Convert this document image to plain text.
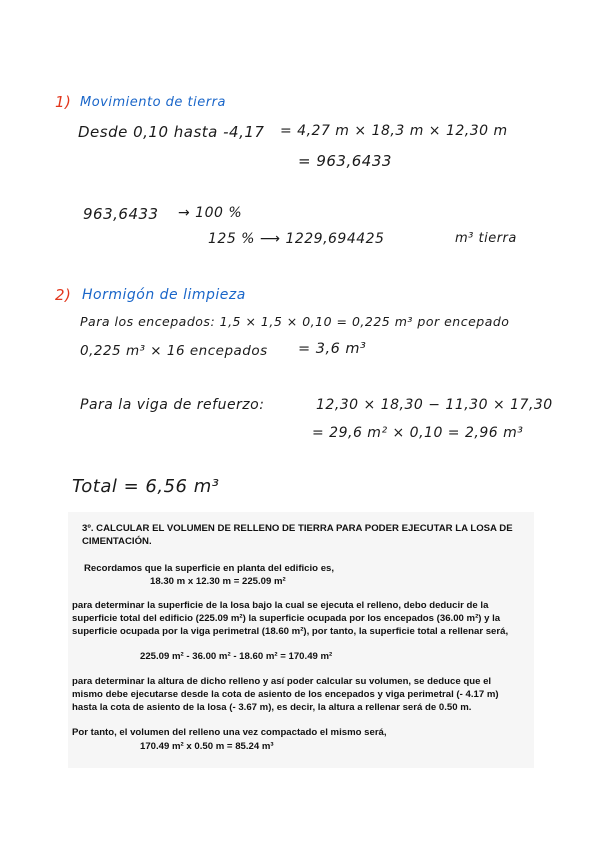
1) Movimiento de tierra
Desde 0,10 hasta -4,17 = 4,27 m × 18,3 m × 12,30 m
= 963,6433
963,6433 → 100 %
125 % ⟶ 1229,694425	m³ tierra
2) Hormigón de limpieza
Para los encepados: 1,5 × 1,5 × 0,10 = 0,225 m³ por encepado
0,225 m³ × 16 encepados = 3,6 m³
Para la viga de refuerzo:	12,30 × 18,30 − 11,30 × 17,30
= 29,6 m² × 0,10 = 2,96 m³
Total = 6,56 m³
3º. CALCULAR EL VOLUMEN DE RELLENO DE TIERRA PARA PODER EJECUTAR LA LOSA DE CIMENTACIÓN.
Recordamos que la superficie en planta del edificio es,
18.30 m x 12.30 m = 225.09 m²
para determinar la superficie de la losa bajo la cual se ejecuta el relleno, debo deducir de la superficie total del edificio (225.09 m²) la superficie ocupada por los encepados (36.00 m²) y la superficie ocupada por la viga perimetral (18.60 m²), por tanto, la superficie total a rellenar será,
225.09 m² - 36.00 m² - 18.60 m² = 170.49 m²
para determinar la altura de dicho relleno y así poder calcular su volumen, se deduce que el mismo debe ejecutarse desde la cota de asiento de los encepados y viga perimetral (- 4.17 m) hasta la cota de asiento de la losa (- 3.67 m), es decir, la altura a rellenar será de 0.50 m.
Por tanto, el volumen del relleno una vez compactado el mismo será,
170.49 m² x 0.50 m = 85.24 m³
